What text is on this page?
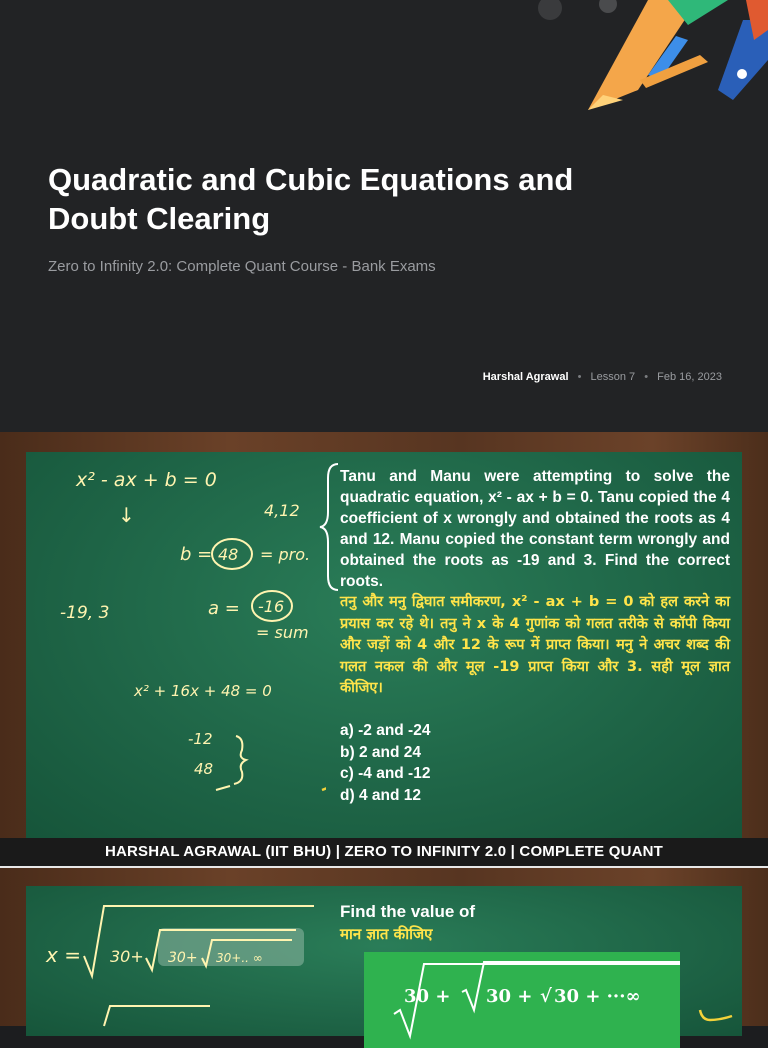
Quadratic and Cubic Equations and Doubt Clearing
Zero to Infinity 2.0: Complete Quant Course - Bank Exams
Harshal Agrawal • Lesson 7 • Feb 16, 2023
x² - ax + b = 0
↓	4,12
b = 48 = pro.
-19, 3	a = -16
= sum
x² + 16x + 48 = 0
-12
48

Tanu and Manu were attempting to solve the quadratic equation, x² - ax + b = 0. Tanu copied the 4 coefficient of x wrongly and obtained the roots as 4 and 12. Manu copied the constant term wrongly and obtained the roots as -19 and 3. Find the correct roots.

तनु और मनु द्विघात समीकरण, x² - ax + b = 0 को हल करने का प्रयास कर रहे थे। तनु ने x के 4 गुणांक को गलत तरीके से कॉपी किया और जड़ों को 4 और 12 के रूप में प्राप्त किया। मनु ने अचर शब्द की गलत नकल की और मूल -19 प्राप्त किया और 3. सही मूल ज्ञात कीजिए।

a) -2 and -24
b) 2 and 24
c) -4 and -12
d) 4 and 12
HARSHAL AGRAWAL (IIT BHU) | ZERO TO INFINITY 2.0 | COMPLETE QUANT
x = 30+ 30+ 30+.. ∞
Find the value of
मान ज्ञात कीजिए
30 + 30 + √ 30 + ···∞
